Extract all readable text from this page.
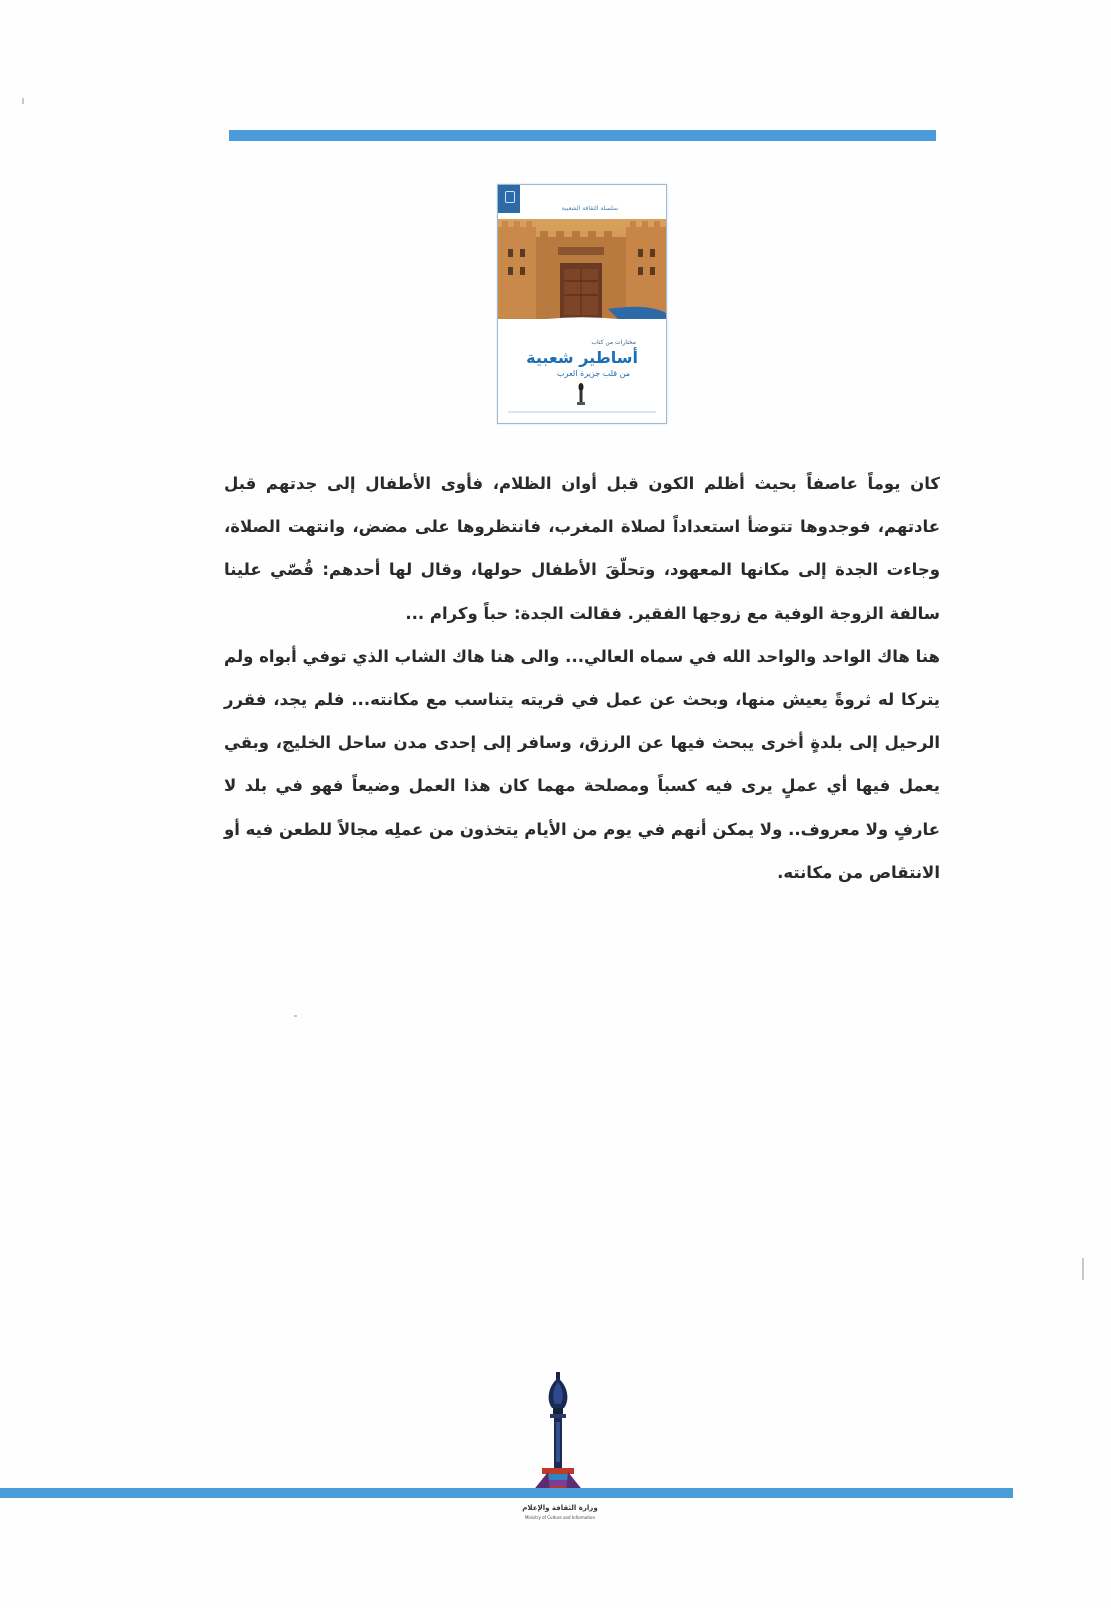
سلسلة الثقافة الشعبية
مختارات من كتاب
أساطير شعبية
من قلب جزيرة العرب

كان يوماً عاصفاً بحيث أظلم الكون قبل أوان الظلام، فأوى الأطفال إلى جدتهم قبل عادتهم، فوجدوها تتوضأ استعداداً لصلاة المغرب، فانتظروها على مضض، وانتهت الصلاة، وجاءت الجدة إلى مكانها المعهود، وتحلّقَ الأطفال حولها، وقال لها أحدهم: قُصّي علينا سالفة الزوجة الوفية مع زوجها الفقير. فقالت الجدة: حباً وكرام ...

هنا هاك الواحد والواحد الله في سماه العالي... والى هنا هاك الشاب الذي توفي أبواه ولم يتركا له ثروةً يعيش منها، وبحث عن عمل في قريته يتناسب مع مكانته... فلم يجد، فقرر الرحيل إلى بلدةٍ أخرى يبحث فيها عن الرزق، وسافر إلى إحدى مدن ساحل الخليج، وبقي يعمل فيها أي عملٍ يرى فيه كسباً ومصلحة مهما كان هذا العمل وضيعاً فهو في بلد لا عارفٍ ولا معروف.. ولا يمكن أنهم في يوم من الأيام يتخذون من عملِه مجالاً للطعن فيه أو الانتقاص من مكانته.

وزارة الثقافة والإعلام
Ministry of Culture and Information
